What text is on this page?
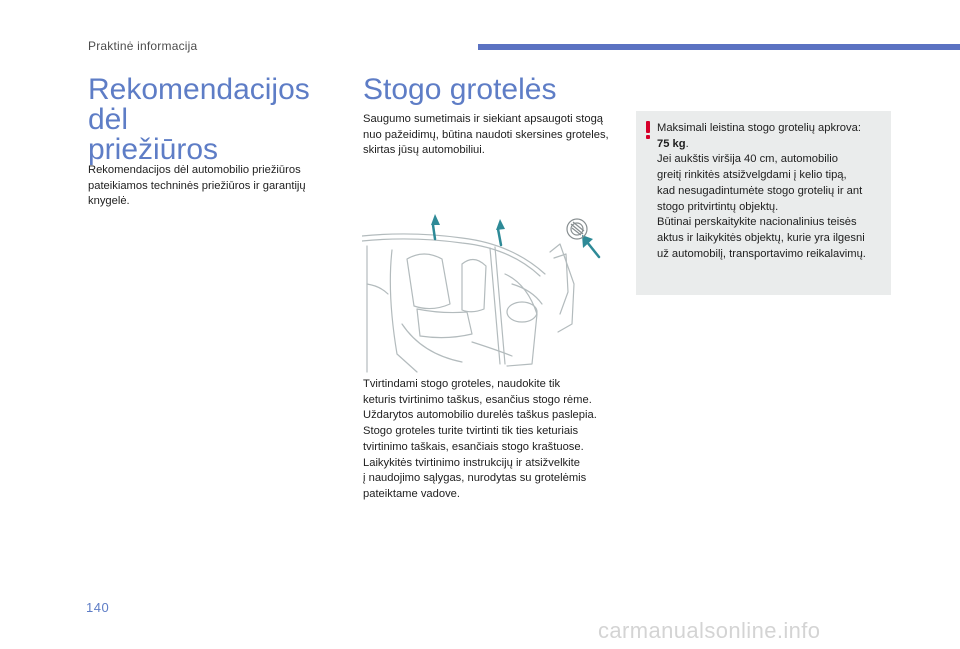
Praktinė informacija
Rekomendacijos dėl
priežiūros

Rekomendacijos dėl automobilio priežiūros pateikiamos techninės priežiūros ir garantijų knygelė.

Stogo grotelės

Saugumo sumetimais ir siekiant apsaugoti stogą nuo pažeidimų, būtina naudoti skersines groteles, skirtas jūsų automobiliui.

Tvirtindami stogo groteles, naudokite tik
keturis tvirtinimo taškus, esančius stogo rėme.
Uždarytos automobilio durelės taškus paslepia.
Stogo groteles turite tvirtinti tik ties keturiais
tvirtinimo taškais, esančiais stogo kraštuose.
Laikykitės tvirtinimo instrukcijų ir atsižvelkite
į naudojimo sąlygas, nurodytas su grotelėmis
pateiktame vadove.

Maksimali leistina stogo grotelių apkrova:
75 kg.
Jei aukštis viršija 40 cm, automobilio
greitį rinkitės atsižvelgdami į kelio tipą,
kad nesugadintumėte stogo grotelių ir ant
stogo pritvirtintų objektų.
Būtinai perskaitykite nacionalinius teisės
aktus ir laikykitės objektų, kurie yra ilgesni
už automobilį, transportavimo reikalavimų.

140
carmanualsonline.info
